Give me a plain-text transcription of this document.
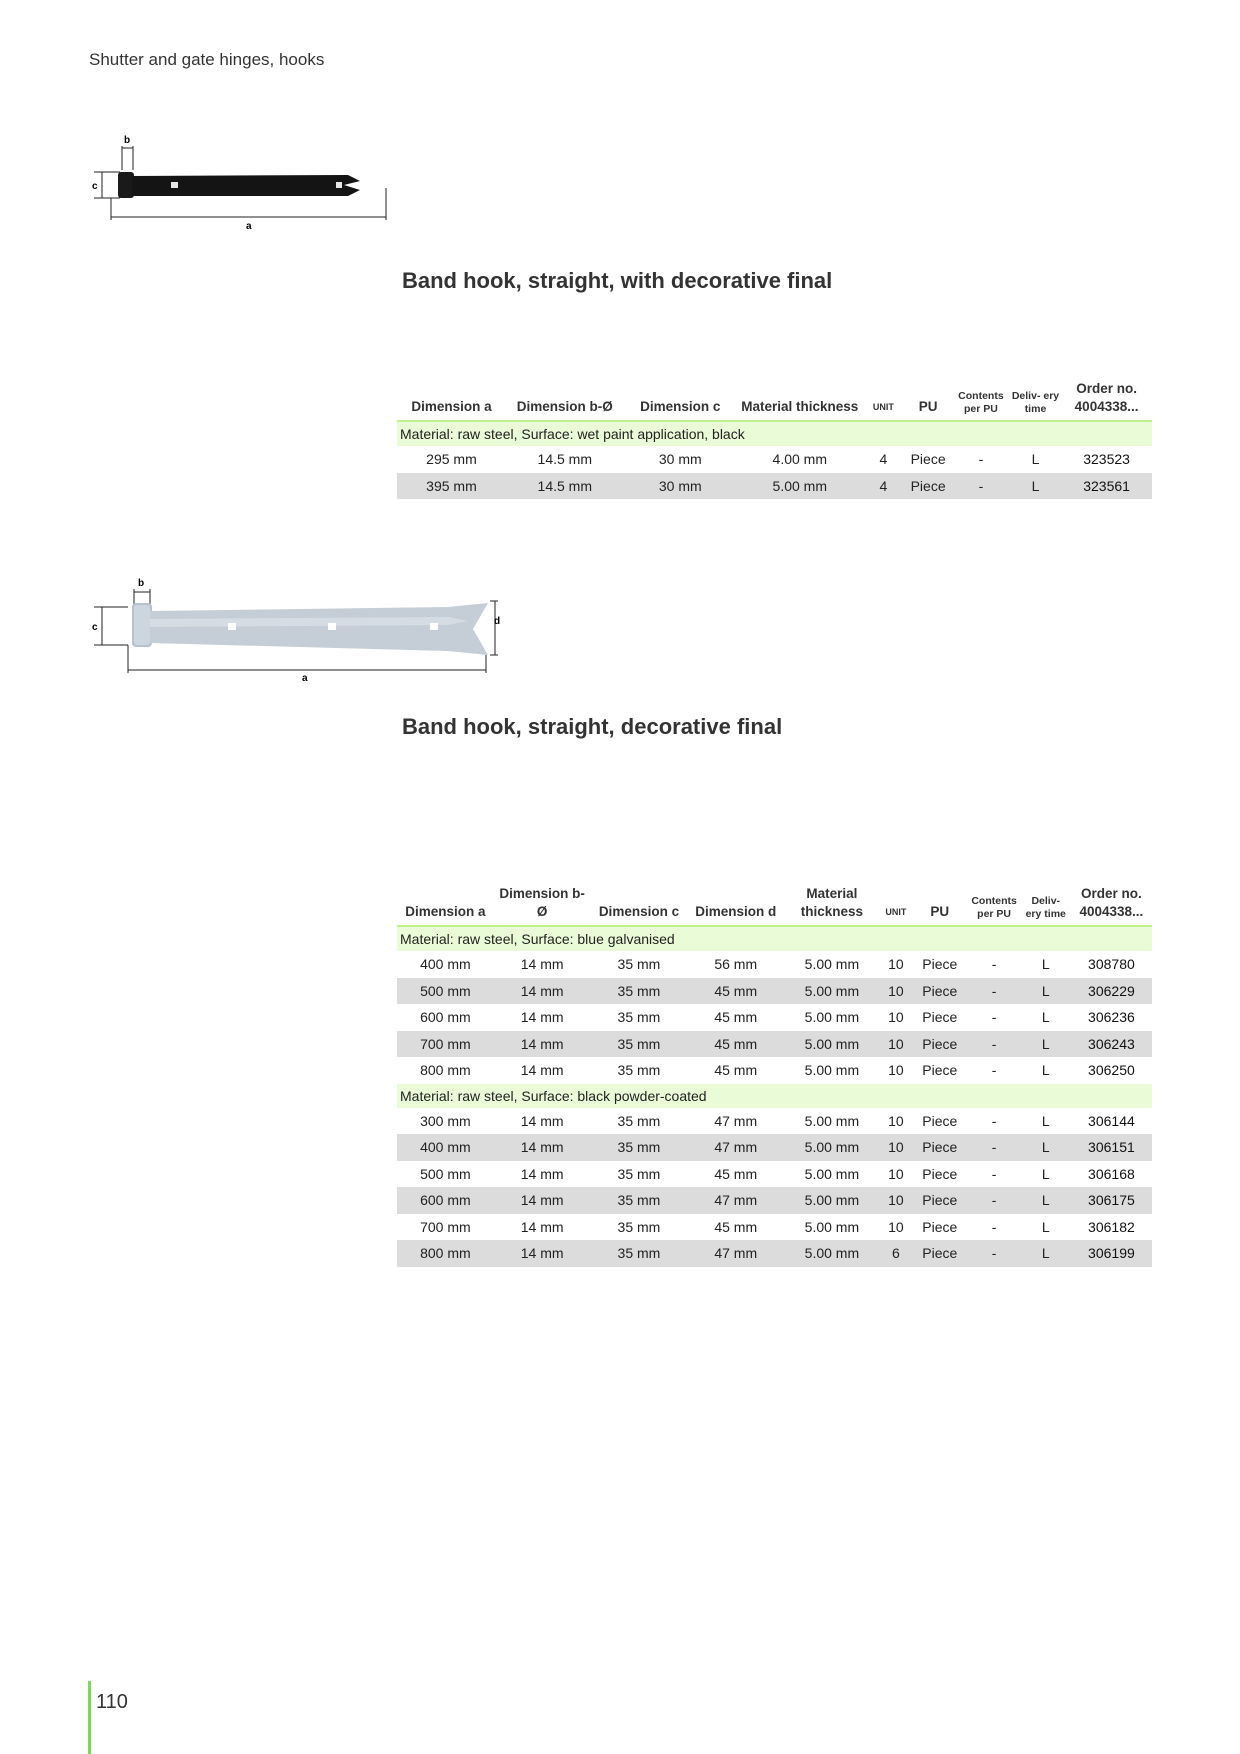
Shutter and gate hinges, hooks
b
c
a
Band hook, straight, with decorative final
Dimension a	Dimension b-Ø	Dimension c	Material thickness	UNIT	PU	Contents per PU	Deliv- ery time	Order no. 4004338...
Material: raw steel, Surface: wet paint application, black								
295 mm	14.5 mm	30 mm	4.00 mm	4	Piece	-	L	323523
395 mm	14.5 mm	30 mm	5.00 mm	4	Piece	-	L	323561
b
c
d
a
Band hook, straight, decorative final
Dimension a	Dimension b-Ø	Dimension c	Dimension d	Material thickness	UNIT	PU	Contents per PU	Deliv- ery time	Order no. 4004338...
Material: raw steel, Surface: blue galvanised									
400 mm	14 mm	35 mm	56 mm	5.00 mm	10	Piece	-	L	308780
500 mm	14 mm	35 mm	45 mm	5.00 mm	10	Piece	-	L	306229
600 mm	14 mm	35 mm	45 mm	5.00 mm	10	Piece	-	L	306236
700 mm	14 mm	35 mm	45 mm	5.00 mm	10	Piece	-	L	306243
800 mm	14 mm	35 mm	45 mm	5.00 mm	10	Piece	-	L	306250
Material: raw steel, Surface: black powder-coated									
300 mm	14 mm	35 mm	47 mm	5.00 mm	10	Piece	-	L	306144
400 mm	14 mm	35 mm	47 mm	5.00 mm	10	Piece	-	L	306151
500 mm	14 mm	35 mm	45 mm	5.00 mm	10	Piece	-	L	306168
600 mm	14 mm	35 mm	47 mm	5.00 mm	10	Piece	-	L	306175
700 mm	14 mm	35 mm	45 mm	5.00 mm	10	Piece	-	L	306182
800 mm	14 mm	35 mm	47 mm	5.00 mm	6	Piece	-	L	306199
110
